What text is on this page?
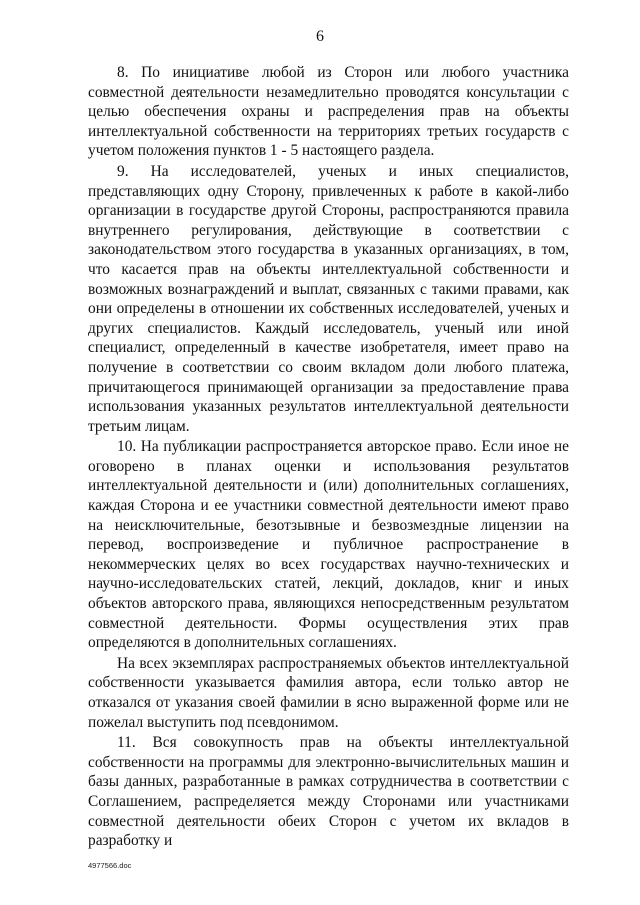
6

8. По инициативе любой из Сторон или любого участника совместной деятельности незамедлительно проводятся консультации с целью обеспечения охраны и распределения прав на объекты интеллектуальной собственности на территориях третьих государств с учетом положения пунктов 1 - 5 настоящего раздела.

9. На исследователей, ученых и иных специалистов, представляющих одну Сторону, привлеченных к работе в какой-либо организации в государстве другой Стороны, распространяются правила внутреннего регулирования, действующие в соответствии с законодательством этого государства в указанных организациях, в том, что касается прав на объекты интеллектуальной собственности и возможных вознаграждений и выплат, связанных с такими правами, как они определены в отношении их собственных исследователей, ученых и других специалистов. Каждый исследователь, ученый или иной специалист, определенный в качестве изобретателя, имеет право на получение в соответствии со своим вкладом доли любого платежа, причитающегося принимающей организации за предоставление права использования указанных результатов интеллектуальной деятельности третьим лицам.

10. На публикации распространяется авторское право. Если иное не оговорено в планах оценки и использования результатов интеллектуальной деятельности и (или) дополнительных соглашениях, каждая Сторона и ее участники совместной деятельности имеют право на неисключительные, безотзывные и безвозмездные лицензии на перевод, воспроизведение и публичное распространение в некоммерческих целях во всех государствах научно-технических и научно-исследовательских статей, лекций, докладов, книг и иных объектов авторского права, являющихся непосредственным результатом совместной деятельности. Формы осуществления этих прав определяются в дополнительных соглашениях.

На всех экземплярах распространяемых объектов интеллектуальной собственности указывается фамилия автора, если только автор не отказался от указания своей фамилии в ясно выраженной форме или не пожелал выступить под псевдонимом.

11. Вся совокупность прав на объекты интеллектуальной собственности на программы для электронно-вычислительных машин и базы данных, разработанные в рамках сотрудничества в соответствии с Соглашением, распределяется между Сторонами или участниками совместной деятельности обеих Сторон с учетом их вкладов в разработку и

4977566.doc
